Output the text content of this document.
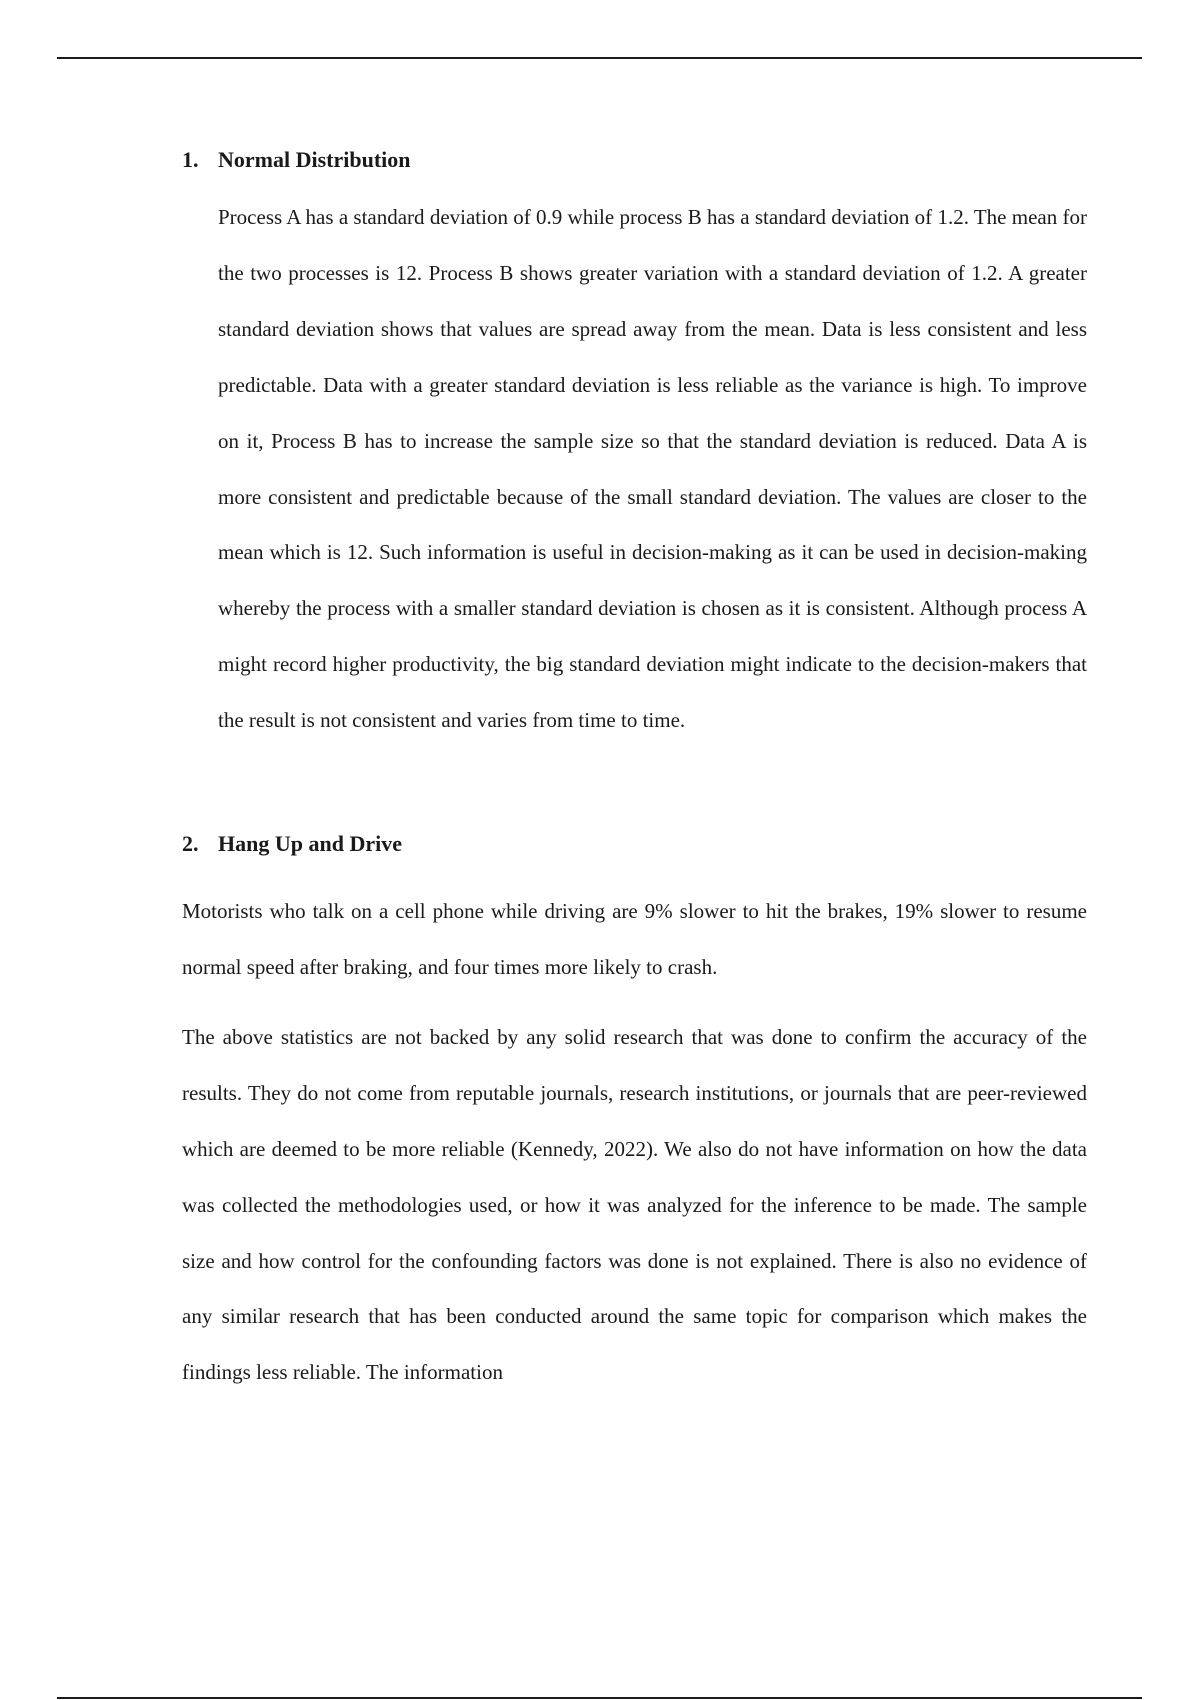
1. Normal Distribution

Process A has a standard deviation of 0.9 while process B has a standard deviation of 1.2. The mean for the two processes is 12. Process B shows greater variation with a standard deviation of 1.2. A greater standard deviation shows that values are spread away from the mean. Data is less consistent and less predictable. Data with a greater standard deviation is less reliable as the variance is high. To improve on it, Process B has to increase the sample size so that the standard deviation is reduced. Data A is more consistent and predictable because of the small standard deviation. The values are closer to the mean which is 12. Such information is useful in decision-making as it can be used in decision-making whereby the process with a smaller standard deviation is chosen as it is consistent. Although process A might record higher productivity, the big standard deviation might indicate to the decision-makers that the result is not consistent and varies from time to time.

2. Hang Up and Drive

Motorists who talk on a cell phone while driving are 9% slower to hit the brakes, 19% slower to resume normal speed after braking, and four times more likely to crash.

The above statistics are not backed by any solid research that was done to confirm the accuracy of the results. They do not come from reputable journals, research institutions, or journals that are peer-reviewed which are deemed to be more reliable (Kennedy, 2022). We also do not have information on how the data was collected the methodologies used, or how it was analyzed for the inference to be made. The sample size and how control for the confounding factors was done is not explained. There is also no evidence of any similar research that has been conducted around the same topic for comparison which makes the findings less reliable. The information
